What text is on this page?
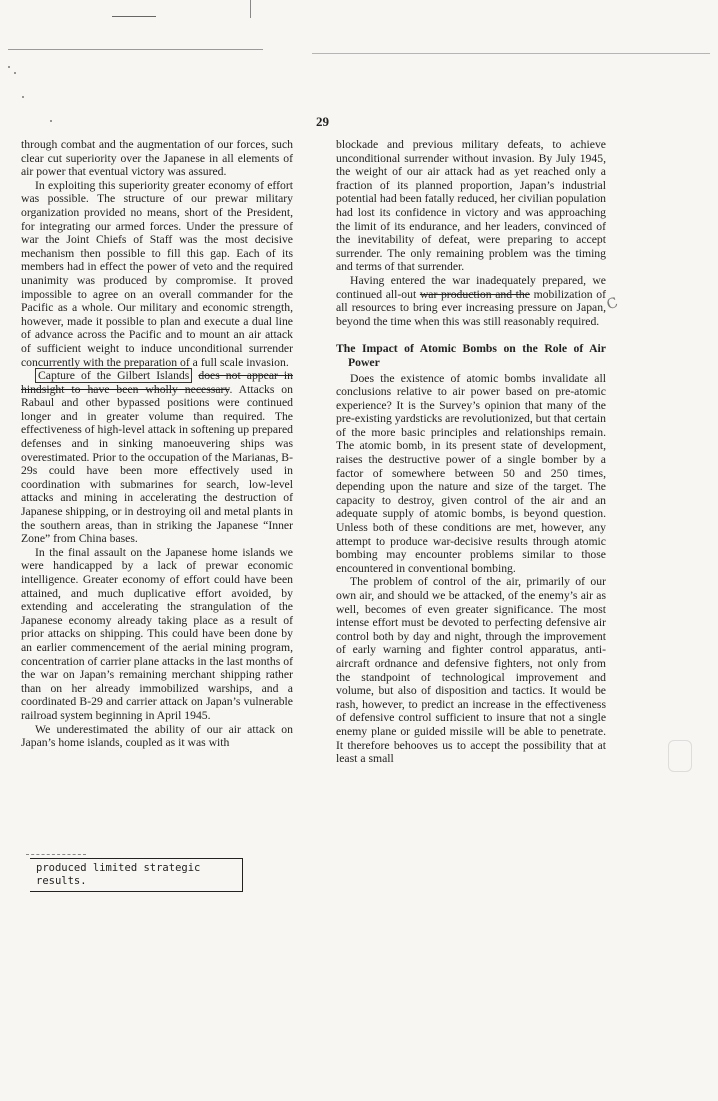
29

through combat and the augmentation of our forces, such clear cut superiority over the Japanese in all elements of air power that eventual victory was assured.

In exploiting this superiority greater economy of effort was possible. The structure of our prewar military organization provided no means, short of the President, for integrating our armed forces. Under the pressure of war the Joint Chiefs of Staff was the most decisive mechanism then possible to fill this gap. Each of its members had in effect the power of veto and the required unanimity was produced by compromise. It proved impossible to agree on an overall commander for the Pacific as a whole. Our military and economic strength, however, made it possible to plan and execute a dual line of advance across the Pacific and to mount an air attack of sufficient weight to induce unconditional surrender concurrently with the preparation of a full scale invasion.

Capture of the Gilbert Islands does not appear in hindsight to have been wholly necessary. Attacks on Rabaul and other bypassed positions were continued longer and in greater volume than required. The effectiveness of high-level attack in softening up prepared defenses and in sinking manoeuvering ships was overestimated. Prior to the occupation of the Marianas, B-29s could have been more effectively used in coordination with submarines for search, low-level attacks and mining in accelerating the destruction of Japanese shipping, or in destroying oil and metal plants in the southern areas, than in striking the Japanese “Inner Zone” from China bases.

In the final assault on the Japanese home islands we were handicapped by a lack of prewar economic intelligence. Greater economy of effort could have been attained, and much duplicative effort avoided, by extending and accelerating the strangulation of the Japanese economy already taking place as a result of prior attacks on shipping. This could have been done by an earlier commencement of the aerial mining program, concentration of carrier plane attacks in the last months of the war on Japan’s remaining merchant shipping rather than on her already immobilized warships, and a coordinated B-29 and carrier attack on Japan’s vulnerable railroad system beginning in April 1945.

We underestimated the ability of our air attack on Japan’s home islands, coupled as it was with

produced limited strategic results.

blockade and previous military defeats, to achieve unconditional surrender without invasion. By July 1945, the weight of our air attack had as yet reached only a fraction of its planned proportion, Japan’s industrial potential had been fatally reduced, her civilian population had lost its confidence in victory and was approaching the limit of its endurance, and her leaders, convinced of the inevitability of defeat, were preparing to accept surrender. The only remaining problem was the timing and terms of that surrender.

Having entered the war inadequately prepared, we continued all-out war production and the mobilization of all resources to bring ever increasing pressure on Japan, beyond the time when this was still reasonably required.

The Impact of Atomic Bombs on the Role of Air Power

Does the existence of atomic bombs invalidate all conclusions relative to air power based on pre-atomic experience? It is the Survey’s opinion that many of the pre-existing yardsticks are revolutionized, but that certain of the more basic principles and relationships remain. The atomic bomb, in its present state of development, raises the destructive power of a single bomber by a factor of somewhere between 50 and 250 times, depending upon the nature and size of the target. The capacity to destroy, given control of the air and an adequate supply of atomic bombs, is beyond question. Unless both of these conditions are met, however, any attempt to produce war-decisive results through atomic bombing may encounter problems similar to those encountered in conventional bombing.

The problem of control of the air, primarily of our own air, and should we be attacked, of the enemy’s air as well, becomes of even greater significance. The most intense effort must be devoted to perfecting defensive air control both by day and night, through the improvement of early warning and fighter control apparatus, anti-aircraft ordnance and defensive fighters, not only from the standpoint of technological improvement and volume, but also of disposition and tactics. It would be rash, however, to predict an increase in the effectiveness of defensive control sufficient to insure that not a single enemy plane or guided missile will be able to penetrate. It therefore behooves us to accept the possibility that at least a small

C
